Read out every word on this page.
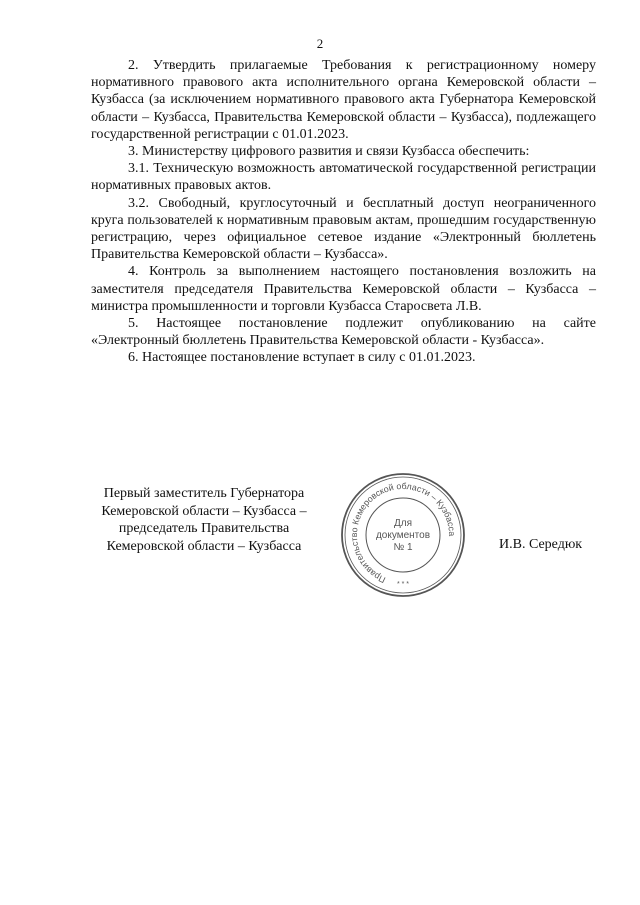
2

2. Утвердить прилагаемые Требования к регистрационному номеру нормативного правового акта исполнительного органа Кемеровской области – Кузбасса (за исключением нормативного правового акта Губернатора Кемеровской области – Кузбасса, Правительства Кемеровской области – Кузбасса), подлежащего государственной регистрации с 01.01.2023.

3. Министерству цифрового развития и связи Кузбасса обеспечить:

3.1. Техническую возможность автоматической государственной регистрации нормативных правовых актов.

3.2. Свободный, круглосуточный и бесплатный доступ неограниченного круга пользователей к нормативным правовым актам, прошедшим государственную регистрацию, через официальное сетевое издание «Электронный бюллетень Правительства Кемеровской области – Кузбасса».

4. Контроль за выполнением настоящего постановления возложить на заместителя председателя Правительства Кемеровской области – Кузбасса – министра промышленности и торговли Кузбасса Старосвета Л.В.

5. Настоящее постановление подлежит опубликованию на сайте «Электронный бюллетень Правительства Кемеровской области - Кузбасса».

6. Настоящее постановление вступает в силу с 01.01.2023.

Первый заместитель Губернатора
Кемеровской области – Кузбасса –
председатель Правительства
Кемеровской области – Кузбасса
Правительство Кемеровской области – Кузбасса
* * *
Для
документов
№ 1	И.В. Середюк
